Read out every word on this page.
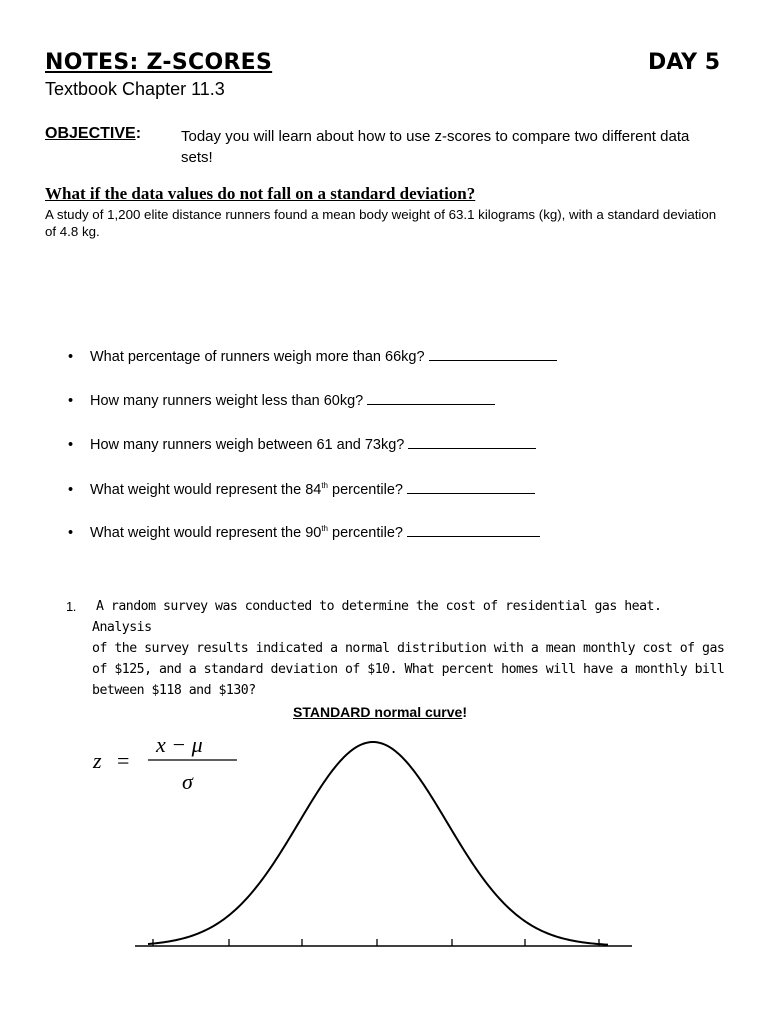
NOTES: Z-SCORES	DAY 5
Textbook Chapter 11.3
OBJECTIVE:	Today you will learn about how to use z-scores to compare two different data sets!
What if the data values do not fall on a standard deviation?
A study of 1,200 elite distance runners found a mean body weight of 63.1 kilograms (kg), with a standard deviation of 4.8 kg.
• What percentage of runners weigh more than 66kg?
• How many runners weight less than 60kg?
• How many runners weigh between 61 and 73kg?
• What weight would represent the 84th percentile?
• What weight would represent the 90th percentile?
1.	A random survey was conducted to determine the cost of residential gas heat. Analysis
of the survey results indicated a normal distribution with a mean monthly cost of gas of $125, and a standard deviation of $10. What percent homes will have a monthly bill between $118 and $130?
STANDARD normal curve!
z =
x − μ
σ
